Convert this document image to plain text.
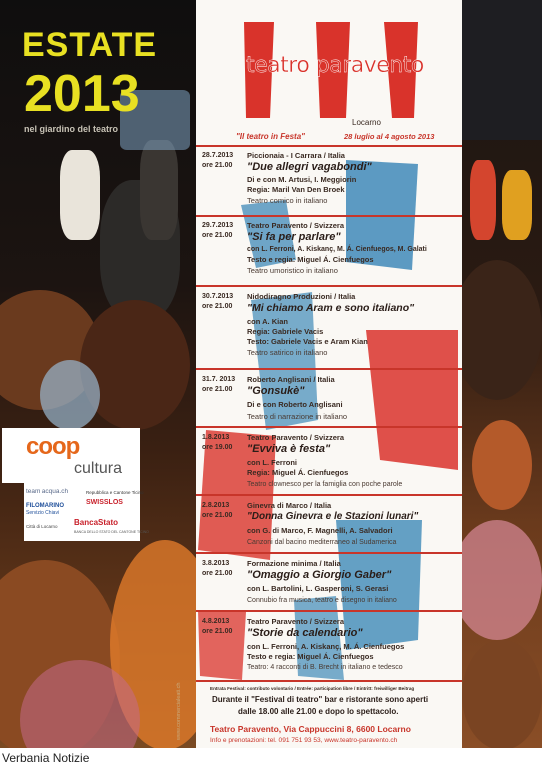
ESTATE
2013
nel giardino del teatro
coop
cultura
team acqua.ch	Repubblica e Cantone Ticino
SWISSLOS
FILOMARINO
Servizio Chiavi
Città di Locarno BancaStato
BANCA DELLO STATO DEL CANTONE TICINO
www.commercialeati.ch
teatro paravento
Locarno
"Il teatro in Festa"	28 luglio al 4 agosto 2013
28.7.2013
ore 21.00
Piccionaia - I Carrara / Italia
"Due allegri vagabondi"
Di e con M. Artusi, I. Meggiorin
Regia: Maril Van Den Broek
Teatro comico in italiano
29.7.2013
ore 21.00
Teatro Paravento / Svizzera
"Si fa per parlare"
con L. Ferroni, A. Kiskanç, M. Á. Cienfuegos, M. Galati
Testo e regia: Miguel Á. Cienfuegos
Teatro umoristico in italiano
30.7.2013
ore 21.00
Nidodiragno Produzioni / Italia
"Mi chiamo Aram e sono italiano"
con A. Kian
Regia: Gabriele Vacis
Testo: Gabriele Vacis e Aram Kian
Teatro satirico in italiano
31.7. 2013
ore 21.00
Roberto Anglisani / Italia
"Gonsukè"
Di e con Roberto Anglisani
Teatro di narrazione in italiano
1.8.2013
ore 19.00
Teatro Paravento / Svizzera
"Evviva è festa"
con L. Ferroni
Regia: Miguel Á. Cienfuegos
Teatro clownesco per la famiglia con poche parole
2.8.2013
ore 21.00
Ginevra di Marco / Italia
"Donna Ginevra e le Stazioni lunari"
con G. di Marco, F. Magnelli, A. Salvadori
Canzoni dal bacino mediterraneo al Sudamerica
3.8.2013
ore 21.00
Formazione minima / Italia
"Omaggio a Giorgio Gaber"
con L. Bartolini, L. Gasperoni, S. Gerasi
Connubio fra musica, teatro e disegno in italiano
4.8.2013
ore 21.00
Teatro Paravento / Svizzera
"Storie da calendario"
con L. Ferroni, A. Kiskanç, M. Á. Cienfuegos
Testo e regia: Miguel Á. Cienfuegos
Teatro: 4 racconti di B. Brecht in italiano e tedesco
Entrata Festival: contributo volontario / Entrée: participation libre / Eintritt: freiwilliger Beitrag
Durante il "Festival di teatro" bar e ristorante sono aperti
dalle 18.00 alle 21.00 e dopo lo spettacolo.
Teatro Paravento, Via Cappuccini 8, 6600 Locarno
Info e prenotazioni: tel. 091 751 93 53, www.teatro-paravento.ch
Verbania Notizie
